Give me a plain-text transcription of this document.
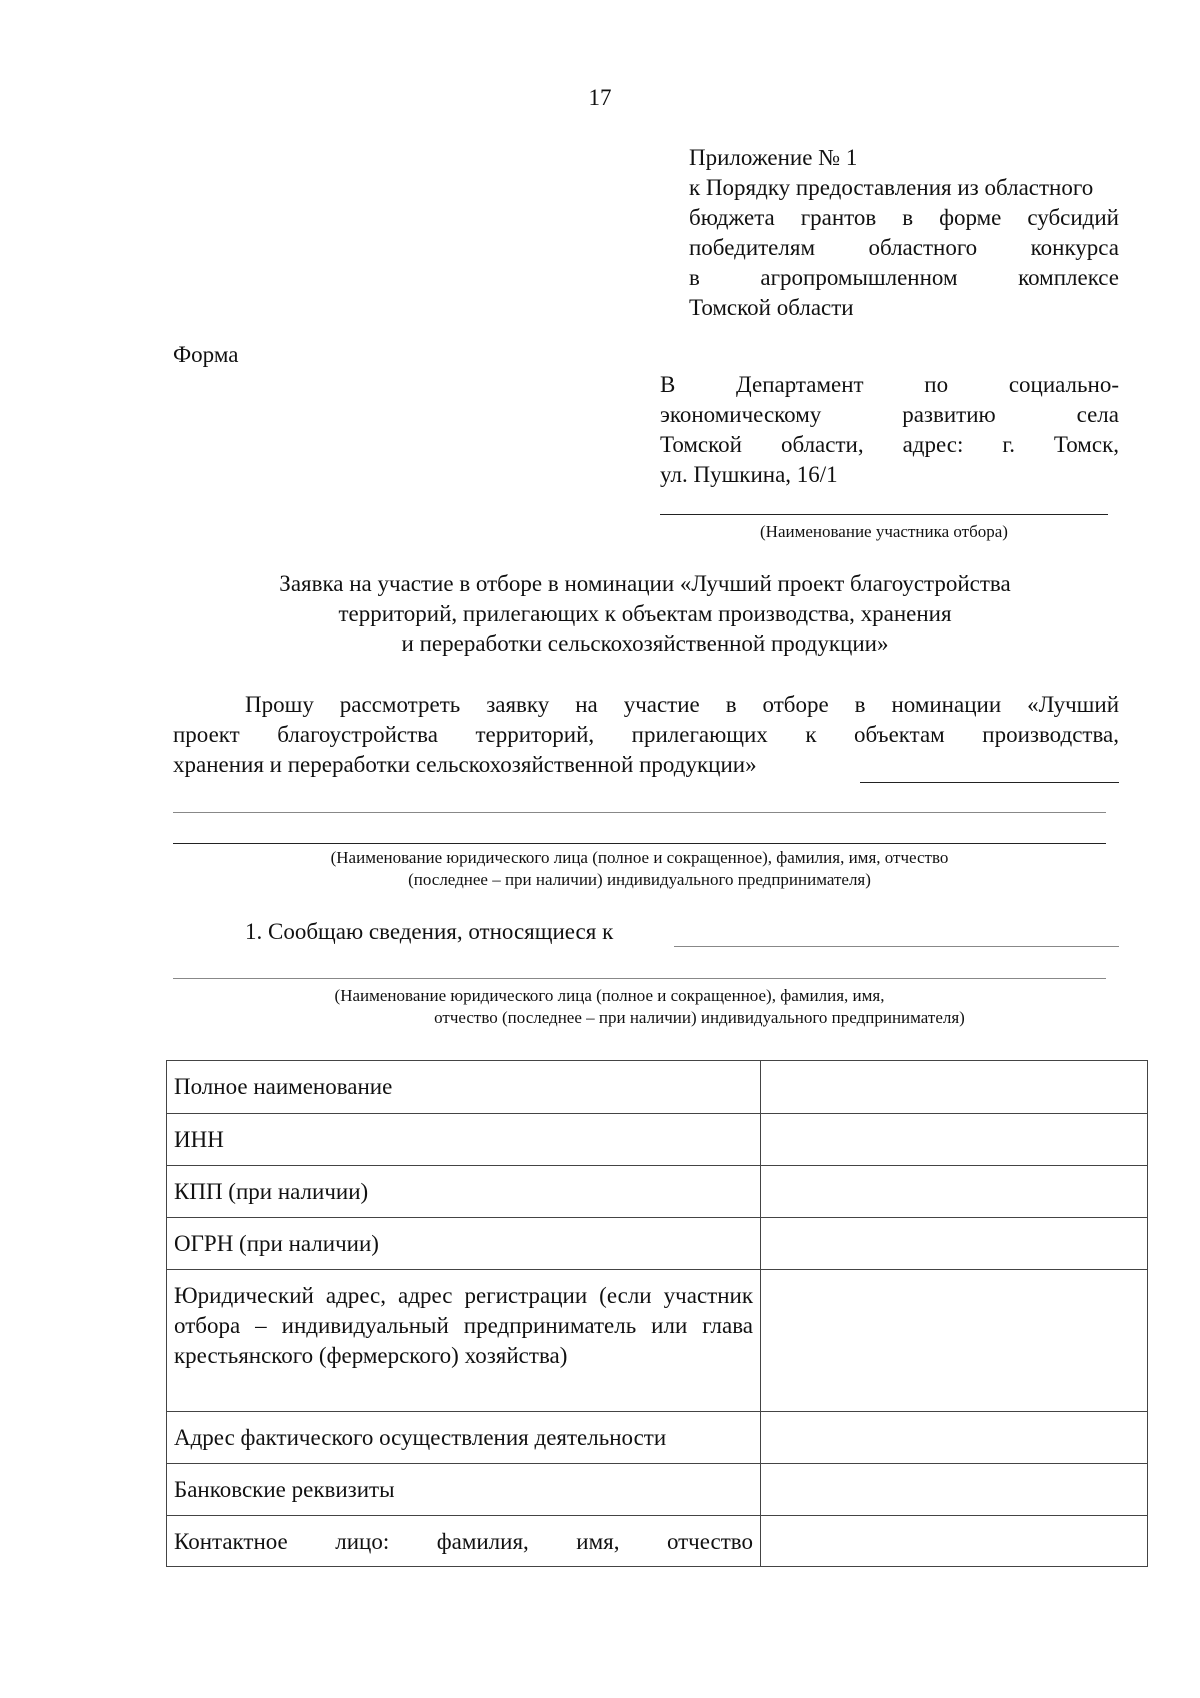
17
Приложение № 1
к Порядку предоставления из областного
бюджета грантов в форме субсидий
победителям областного конкурса
в агропромышленном комплексе
Томской области
Форма
В Департамент по социально-
экономическому развитию села
Томской области, адрес: г. Томск,
ул. Пушкина, 16/1
(Наименование участника отбора)
Заявка на участие в отборе в номинации «Лучший проект благоустройства
территорий, прилегающих к объектам производства, хранения
и переработки сельскохозяйственной продукции»
Прошу рассмотреть заявку на участие в отборе в номинации «Лучший
проект благоустройства территорий, прилегающих к объектам производства,
хранения и переработки сельскохозяйственной продукции»
(Наименование юридического лица (полное и сокращенное), фамилия, имя, отчество
(последнее – при наличии) индивидуального предпринимателя)
1. Сообщаю сведения, относящиеся к
(Наименование юридического лица (полное и сокращенное), фамилия, имя,
отчество (последнее – при наличии) индивидуального предпринимателя)
Полное наименование	

ИНН	

КПП (при наличии)	

ОГРН (при наличии)	

Юридический адрес, адрес регистрации (если участник отбора – индивидуальный предприниматель или глава крестьянского (фермерского) хозяйства)	

Адрес фактического осуществления деятельности	

Банковские реквизиты	

Контактное лицо: фамилия, имя, отчество	
